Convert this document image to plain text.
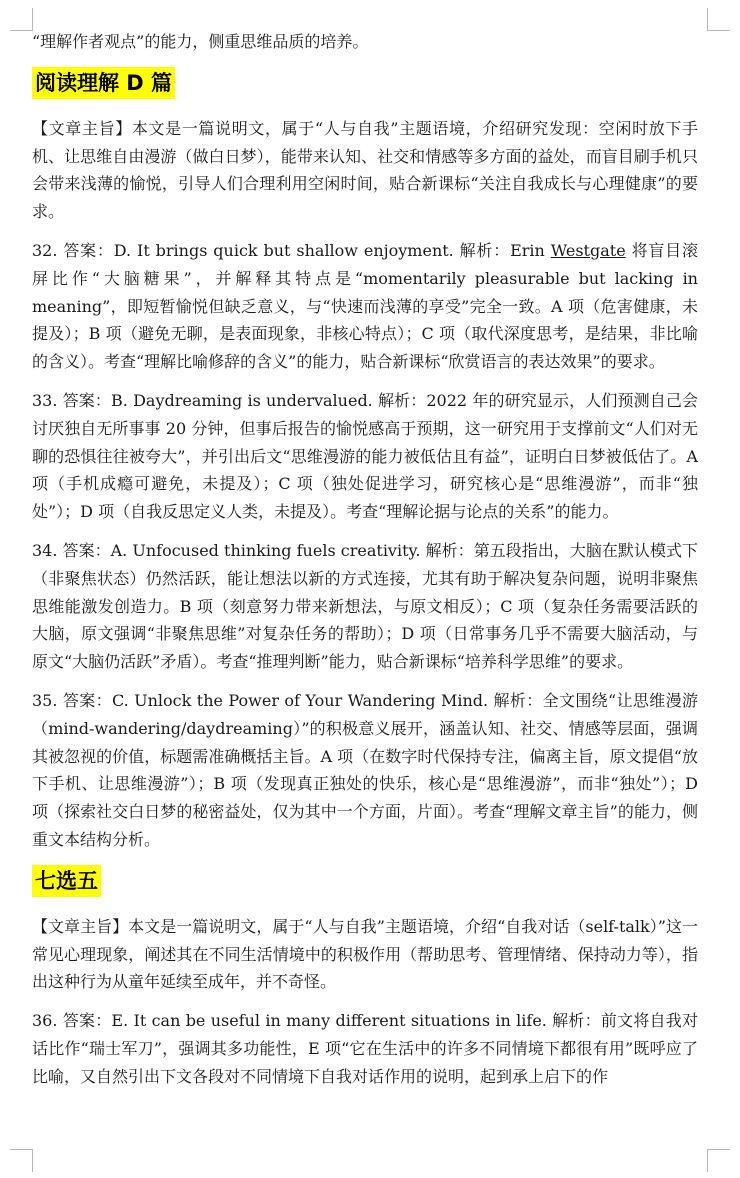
“理解作者观点”的能力，侧重思维品质的培养。

阅读理解 D 篇

【文章主旨】本文是一篇说明文，属于“人与自我”主题语境，介绍研究发现：空闲时放下手机、让思维自由漫游（做白日梦），能带来认知、社交和情感等多方面的益处，而盲目刷手机只会带来浅薄的愉悦，引导人们合理利用空闲时间，贴合新课标“关注自我成长与心理健康”的要求。

32. 答案：D. It brings quick but shallow enjoyment. 解析：Erin Westgate 将盲目滚屏比作“大脑糖果”，并解释其特点是“momentarily pleasurable but lacking in meaning”，即短暂愉悦但缺乏意义，与“快速而浅薄的享受”完全一致。A 项（危害健康，未提及）；B 项（避免无聊，是表面现象，非核心特点）；C 项（取代深度思考，是结果，非比喻的含义）。考查“理解比喻修辞的含义”的能力，贴合新课标“欣赏语言的表达效果”的要求。

33. 答案：B. Daydreaming is undervalued. 解析：2022 年的研究显示，人们预测自己会讨厌独自无所事事 20 分钟，但事后报告的愉悦感高于预期，这一研究用于支撑前文“人们对无聊的恐惧往往被夸大”，并引出后文“思维漫游的能力被低估且有益”，证明白日梦被低估了。A 项（手机成瘾可避免，未提及）；C 项（独处促进学习，研究核心是“思维漫游”，而非“独处”）；D 项（自我反思定义人类，未提及）。考查“理解论据与论点的关系”的能力。

34. 答案：A. Unfocused thinking fuels creativity. 解析：第五段指出，大脑在默认模式下（非聚焦状态）仍然活跃，能让想法以新的方式连接，尤其有助于解决复杂问题，说明非聚焦思维能激发创造力。B 项（刻意努力带来新想法，与原文相反）；C 项（复杂任务需要活跃的大脑，原文强调“非聚焦思维”对复杂任务的帮助）；D 项（日常事务几乎不需要大脑活动，与原文“大脑仍活跃”矛盾）。考查“推理判断”能力，贴合新课标“培养科学思维”的要求。

35. 答案：C. Unlock the Power of Your Wandering Mind. 解析：全文围绕“让思维漫游（mind-wandering/daydreaming）”的积极意义展开，涵盖认知、社交、情感等层面，强调其被忽视的价值，标题需准确概括主旨。A 项（在数字时代保持专注，偏离主旨，原文提倡“放下手机、让思维漫游”）；B 项（发现真正独处的快乐，核心是“思维漫游”，而非“独处”）；D 项（探索社交白日梦的秘密益处，仅为其中一个方面，片面）。考查“理解文章主旨”的能力，侧重文本结构分析。

七选五

【文章主旨】本文是一篇说明文，属于“人与自我”主题语境，介绍“自我对话（self-talk）”这一常见心理现象，阐述其在不同生活情境中的积极作用（帮助思考、管理情绪、保持动力等），指出这种行为从童年延续至成年，并不奇怪。

36. 答案：E. It can be useful in many different situations in life. 解析：前文将自我对话比作“瑞士军刀”，强调其多功能性，E 项“它在生活中的许多不同情境下都很有用”既呼应了比喻，又自然引出下文各段对不同情境下自我对话作用的说明，起到承上启下的作
